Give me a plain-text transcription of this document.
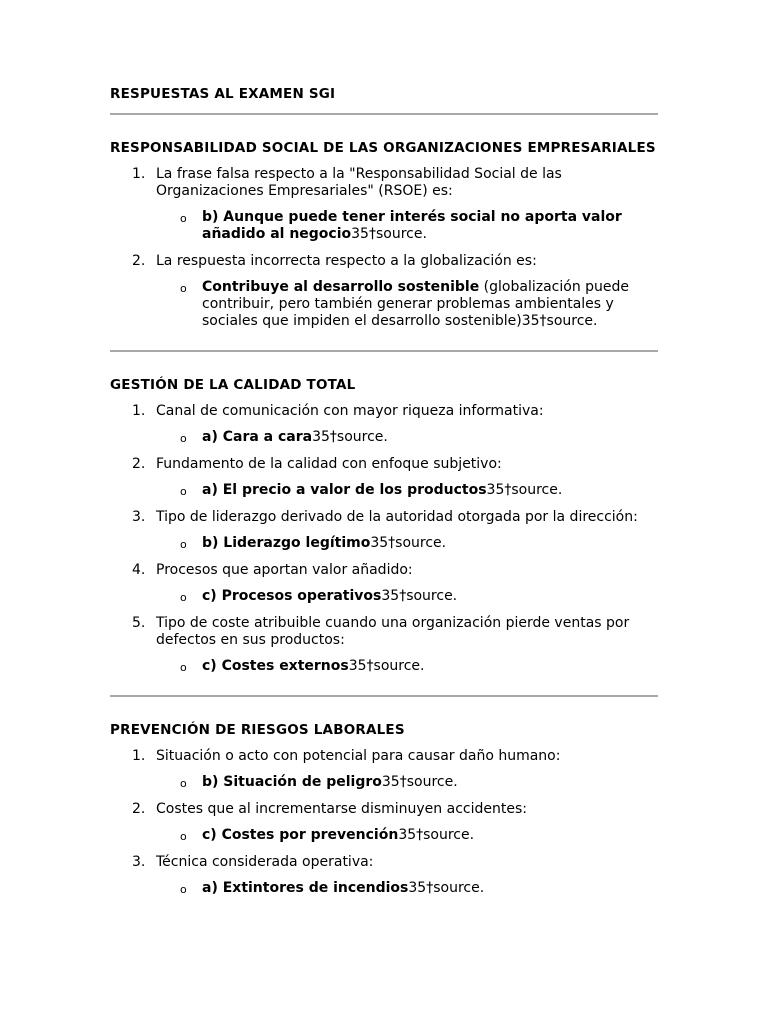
RESPUESTAS AL EXAMEN SGI
RESPONSABILIDAD SOCIAL DE LAS ORGANIZACIONES EMPRESARIALES
1. La frase falsa respecto a la "Responsabilidad Social de las Organizaciones Empresariales" (RSOE) es:
o b) Aunque puede tener interés social no aporta valor añadido al negocio35†source.
2. La respuesta incorrecta respecto a la globalización es:
o Contribuye al desarrollo sostenible (globalización puede contribuir, pero también generar problemas ambientales y sociales que impiden el desarrollo sostenible)35†source.
GESTIÓN DE LA CALIDAD TOTAL
1. Canal de comunicación con mayor riqueza informativa:
o a) Cara a cara35†source.
2. Fundamento de la calidad con enfoque subjetivo:
o a) El precio a valor de los productos35†source.
3. Tipo de liderazgo derivado de la autoridad otorgada por la dirección:
o b) Liderazgo legítimo35†source.
4. Procesos que aportan valor añadido:
o c) Procesos operativos35†source.
5. Tipo de coste atribuible cuando una organización pierde ventas por defectos en sus productos:
o c) Costes externos35†source.
PREVENCIÓN DE RIESGOS LABORALES
1. Situación o acto con potencial para causar daño humano:
o b) Situación de peligro35†source.
2. Costes que al incrementarse disminuyen accidentes:
o c) Costes por prevención35†source.
3. Técnica considerada operativa:
o a) Extintores de incendios35†source.
